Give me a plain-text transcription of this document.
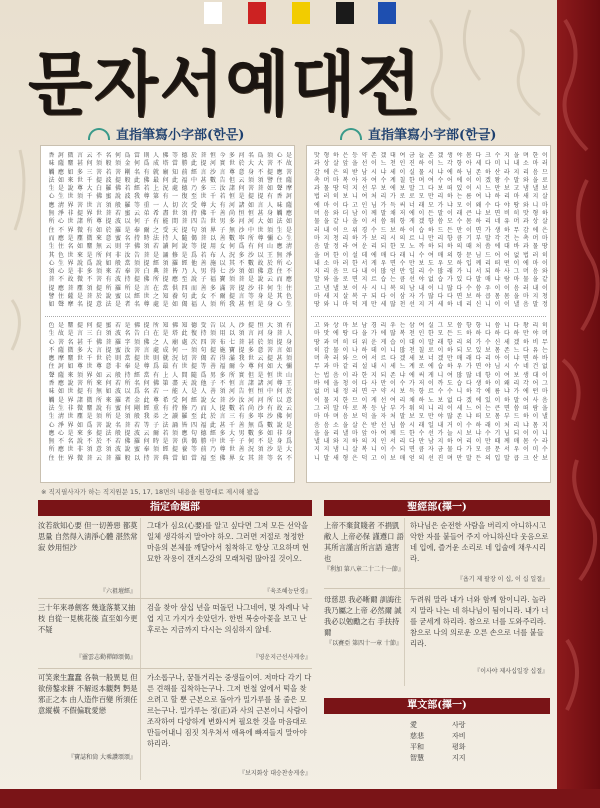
문자서예대전
直指筆寫小字部(한문)	直指筆寫小字部(한글)
是故菩薩摩訶薩應如是生淸淨心不應住色生
心不應住聲香味觸法生心應無所住而生其心
須菩提譬如有人身如須彌山王於意云何是身
爲大不須菩提言甚大世尊何以故佛說非身是
名大身須菩提如恒河中所有沙數如是沙等恒
河於意云何是諸恒河沙寧爲多不須菩提言甚
多世尊但諸恒河尚多無數何況其沙須菩提我
今實言告汝若有善男子善女人以七寶滿爾所
恒河沙數三千大千世界以用布施得福多不須
菩提言甚多世尊佛告須菩提若善男子善女人
於此經中乃至受持四句偈等爲他人說而此福
德勝前福德復次須菩提隨說是經乃至四句偈
等當知此處一切世間天人阿修羅皆應供養如
佛塔廟何況有人盡能受持讀誦須菩提當知是
人成就最上第一希有之法若是經典所在之處
則爲有佛若尊重弟子爾時須菩提白佛言世尊
當何名此經我等云何奉持佛告須菩提是經名
爲金剛般若波羅蜜以是名字汝當奉持所以者
何須菩提佛說般若波羅蜜則非般若波羅蜜是
名般若波羅蜜須菩提於意云何如來有所說法
不須菩提白佛言世尊如來無所說須菩提於意
云何三千大千世界所有微塵是爲多不須菩提
言甚多世尊須菩提諸微塵如來說非微塵是名
微塵如來說世界非世界是名世界是故菩薩摩
訶薩應如是生淸淨心不應住色生心不應住聲
香味觸法生心應無所住而生其心須菩提譬如
有人身如須彌山王於意云何是身爲大不
須菩提言甚大世尊何以故佛說非身是名
大身須菩提如恒河中所有沙數如是沙等
恒河於意云何是諸恒河沙寧爲多不須菩
提言甚多世尊但諸恒河尚多無數何況其
沙須菩提我今實言告汝若有善男子善女
人以七寶滿爾所恒河沙數三千大千世界
以用布施得福多不須菩提言甚多世尊佛
告須菩提若善男子善女人於此經中乃至
受持四句偈等爲他人說而此福德勝前福
德復次須菩提隨說是經乃至四句偈等當
知此處一切世間天人阿修羅皆應供養如
佛塔廟何況有人盡能受持讀誦須菩提當
知是人成就最上第一希有之法若是經典
所在之處則爲有佛若尊重弟子爾時須菩
提白佛言世尊當何名此經我等云何奉持
佛告須菩提是經名爲金剛般若波羅蜜以
是名字汝當奉持所以者何須菩提佛說般
若波羅蜜則非般若波羅蜜是名般若波羅
蜜須菩提於意云何如來有所說法不須菩
提白佛言世尊如來無所說須菩提於意云
何三千大千世界所有微塵是爲多不須菩
提言甚多世尊須菩提諸微塵如來說非微
塵是名微塵如來說世界非世界是名世界
是故菩薩摩訶薩應如是生淸淨心不應住
色生心不應住聲香味觸法生心應無所住
이러므로보살마하살은마땅히이와같이청정
한마음을낼지니형상에머물러마음을내지말
며소리와냄새와맛과감촉과법에머물러마음
을내지말고마땅히머무는바없이그마음을낼
지니라수보리야비유하건대어떤사람이몸이
수미산왕만하다면네생각에어떠하냐이몸이
크다하겠느냐수보리가말씀드리되매우큽니
다세존이시여왜냐하면부처님께서말씀하신
몸아님이이름이큰몸이기때문입니다수보리
야항하에있는모래수만큼의항하가있다면네
생각에어떠하냐이모든항하의모래가많다하
겠느냐수보리가말씀드리되매우많습니다세
존이시여다만모든항하만하여도수없이많거
늘하물며그모래이겠습니까수보리야내가지
금진실한말로너에게이르노니만일선남자선
여인이칠보로써저항하의모래수만큼의삼천
대천세계에가득채워보시한다면얻는복이많
겠느냐수보리가말씀드리되매우많습니다세
존이시여부처님께서수보리에게이르시되만
약선남자선여인이이경가운데서내지사구게
등을받아지니고남을위하여설한다면이복덕
은앞의복덕보다더나으리라이러므로보살마
하살은마땅히이와같이청정한마음을낼지니
형상에머물러마음을내지말며소리와냄새와
맛과감촉과법에머물러마음을내지말고마땅
히머무는바없이그마음을낼지니라수보
리야비유하건대어떤사람이몸이수미산
왕만하다면네생각에어떠하냐이몸이크
다하겠느냐수보리가말씀드리되매우큽
니다세존이시여왜냐하면부처님께서말
씀하신몸아님이이름이큰몸이기때문입
니다수보리야항하에있는모래수만큼의
항하가있다면네생각에어떠하냐이모든
항하의모래가많다하겠느냐수보리가말
씀드리되매우많습니다세존이시여다만
모든항하만하여도수없이많거늘하물며
그모래이겠습니까수보리야내가지금진
실한말로너에게이르노니만일선남자선
여인이칠보로써저항하의모래수만큼의
삼천대천세계에가득채워보시한다면얻
는복이많겠느냐수보리가말씀드리되매
우많습니다세존이시여부처님께서수보
리에게이르시되만약선남자선여인이이
경가운데서내지사구게등을받아지니고
남을위하여설한다면이복덕은앞의복덕
보다더나으리라이러므로보살마하살은
마땅히이와같이청정한마음을낼지니형
상에머물러마음을내지말며소리와냄새
와맛과감촉과법에머물러마음을내지말
고마땅히머무는바없이그마음을낼지니
※ 직지필사자가 하는 직지원문 15, 17, 18면의 내용을 원형대로 제시해 봤음
指定命題部
汝若欲知心要 但一切善惡 都莫思量 自然得入淸淨心體 湛然常寂 妙用恒沙
『六祖壇經』
그대가 심요(心要)를 알고 싶다면 그저 모든 선악을 일체 생각하지 말아야 하오. 그러면 저절로 청정한 마음의 본체를 깨달아서 침착하고 항상 고요하며 현묘한 작용이 갠지스강의 모래처럼 많아질 것이오.
『육조혜능단경』
三十年來尋劍客 幾逢落葉又抽枝 自從一見桃花後 直至如今更不疑
『靈雲志勤禪師頌偈』
검을 찾아 삼십 년을 떠돌던 나그네여, 몇 차례나 낙엽 지고 가지가 솟았던가. 한번 복숭아꽃을 보고 난 후로는 지금까지 다시는 의심하지 않네.
『영운지근선사게송』
可笑衆生蠢蠢 各執一般異見 但欲傍鏊求餅 不解返本觀麪 麪是邪正之本 由人造作百變 所須任意縱橫 不假偏耽愛戀
『寶誌和尙 大乘讚頌頌』
가소롭구나, 꿈틀거리는 중생들이여. 저마다 각기 다른 견해를 집착하는구나. 그저 번철 옆에서 떡을 찾으려고 할 뿐 근본으로 돌아가 밀가루를 볼 줄은 모르는구나. 밀가루는 정(正)과 사의 근본이니 사람이 조작하여 다양하게 변화시켜 필요한 것을 마음대로 만들어내니 짐짓 치우쳐서 애욕에 빠져들지 말아야 하리라.
『보지화상 대승찬송게송』
聖經部(擇一)
上帝不棄貧賤者 不捐凱敝人 上帝必保 謹遵口 語其所言謹言所言語 遠害也
『利加 第八章二十二十一節』
하나님은 순전한 사람을 버리지 아니하시고 악한 자를 붙들어 주지 아니하신다 웃음으로 네 입에, 즐거운 소리로 네 입술에 채우시리라.
『욥기 제 팔장 이 십, 이 십 일절』
母慈思 我必晰爾 訓誨往 我乃屬之上帝 必然爾 誠 我必以勉勵之右 手扶持爾
『以賽亞 第四十一章 十節』
두려워 말라 내가 너와 함께 함이니라. 놀라지 말라 나는 네 하나님이 됨이니라. 내가 너를 굳세게 하리라. 참으로 너를 도와주리라. 참으로 나의 의로운 오른 손으로 너를 붙들리라.
『이사야 제사십일장 십절』
單文部(擇一)
愛	사랑
慈悲	자비
平和	평화
智慧	지지
